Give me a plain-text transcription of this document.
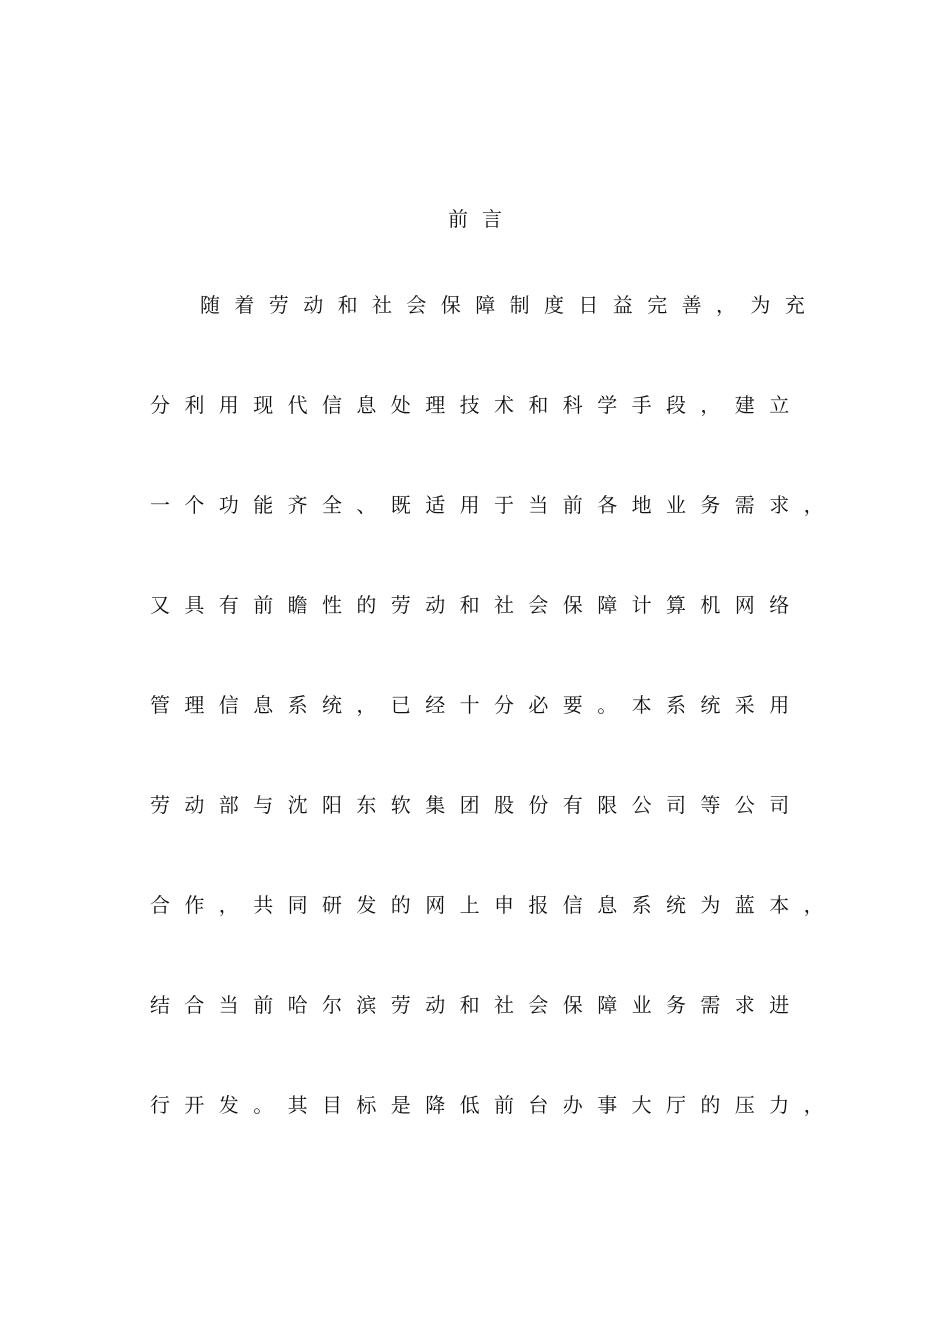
前言
随着劳动和社会保障制度日益完善，为充
分利用现代信息处理技术和科学手段，建立
一个功能齐全、既适用于当前各地业务需求，
又具有前瞻性的劳动和社会保障计算机网络
管理信息系统，已经十分必要。本系统采用
劳动部与沈阳东软集团股份有限公司等公司
合作，共同研发的网上申报信息系统为蓝本，
结合当前哈尔滨劳动和社会保障业务需求进
行开发。其目标是降低前台办事大厅的压力，
